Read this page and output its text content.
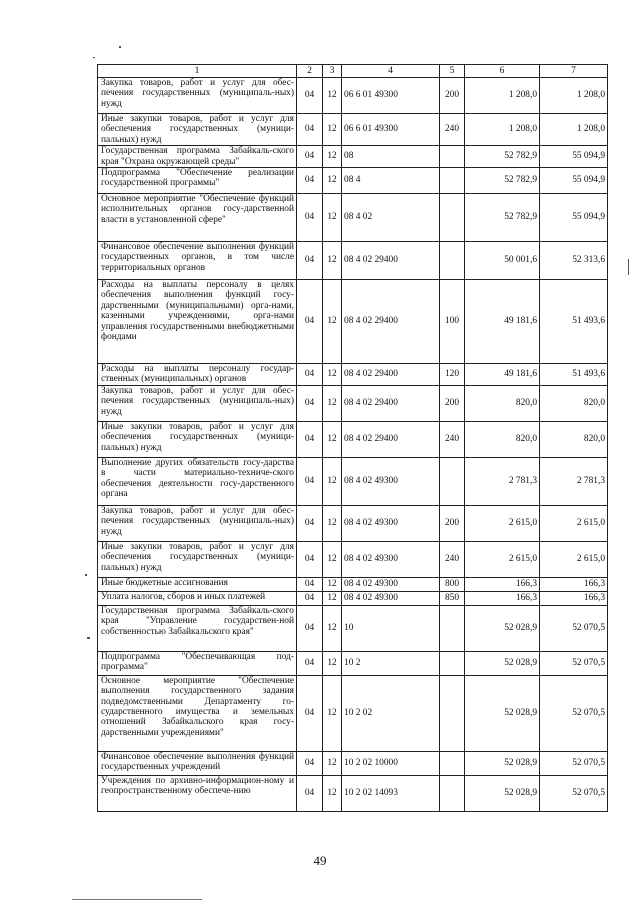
1	2	3	4	5	6	7
Закупка товаров, работ и услуг для обес-печения государственных (муниципаль-ных) нужд	04	12	06 6 01 49300	200	1 208,0	1 208,0
Иные закупки товаров, работ и услуг для обеспечения государственных (муници-пальных) нужд	04	12	06 6 01 49300	240	1 208,0	1 208,0
Государственная программа Забайкаль-ского края "Охрана окружающей среды"	04	12	08		52 782,9	55 094,9
Подпрограмма "Обеспечение реализации государственной программы"	04	12	08 4		52 782,9	55 094,9
Основное мероприятие "Обеспечение функций исполнительных органов госу-дарственной власти в установленной сфере"	04	12	08 4 02		52 782,9	55 094,9
Финансовое обеспечение выполнения функций государственных органов, в том числе территориальных органов	04	12	08 4 02 29400		50 001,6	52 313,6
Расходы на выплаты персоналу в целях обеспечения выполнения функций госу-дарственными (муниципальными) орга-нами, казенными учреждениями, орга-нами управления государственными внебюджетными фондами	04	12	08 4 02 29400	100	49 181,6	51 493,6
Расходы на выплаты персоналу государ-ственных (муниципальных) органов	04	12	08 4 02 29400	120	49 181,6	51 493,6
Закупка товаров, работ и услуг для обес-печения государственных (муниципаль-ных) нужд	04	12	08 4 02 29400	200	820,0	820,0
Иные закупки товаров, работ и услуг для обеспечения государственных (муници-пальных) нужд	04	12	08 4 02 29400	240	820,0	820,0
Выполнение других обязательств госу-дарства в части материально-техниче-ского обеспечения деятельности госу-дарственного органа	04	12	08 4 02 49300		2 781,3	2 781,3
Закупка товаров, работ и услуг для обес-печения государственных (муниципаль-ных) нужд	04	12	08 4 02 49300	200	2 615,0	2 615,0
Иные закупки товаров, работ и услуг для обеспечения государственных (муници-пальных) нужд	04	12	08 4 02 49300	240	2 615,0	2 615,0
Иные бюджетные ассигнования	04	12	08 4 02 49300	800	166,3	166,3
Уплата налогов, сборов и иных платежей	04	12	08 4 02 49300	850	166,3	166,3
Государственная программа Забайкаль-ского края "Управление государствен-ной собственностью Забайкальского края"	04	12	10		52 028,9	52 070,5
Подпрограмма "Обеспечивающая под-программа"	04	12	10 2		52 028,9	52 070,5
Основное мероприятие "Обеспечение выполнения государственного задания подведомственными Департаменту го-сударственного имущества и земельных отношений Забайкальского края госу-дарственными учреждениями"	04	12	10 2 02		52 028,9	52 070,5
Финансовое обеспечение выполнения функций государственных учреждений	04	12	10 2 02 10000		52 028,9	52 070,5
Учреждения по архивно-информацион-ному и геопространственному обеспече-нию	04	12	10 2 02 14093		52 028,9	52 070,5
49
